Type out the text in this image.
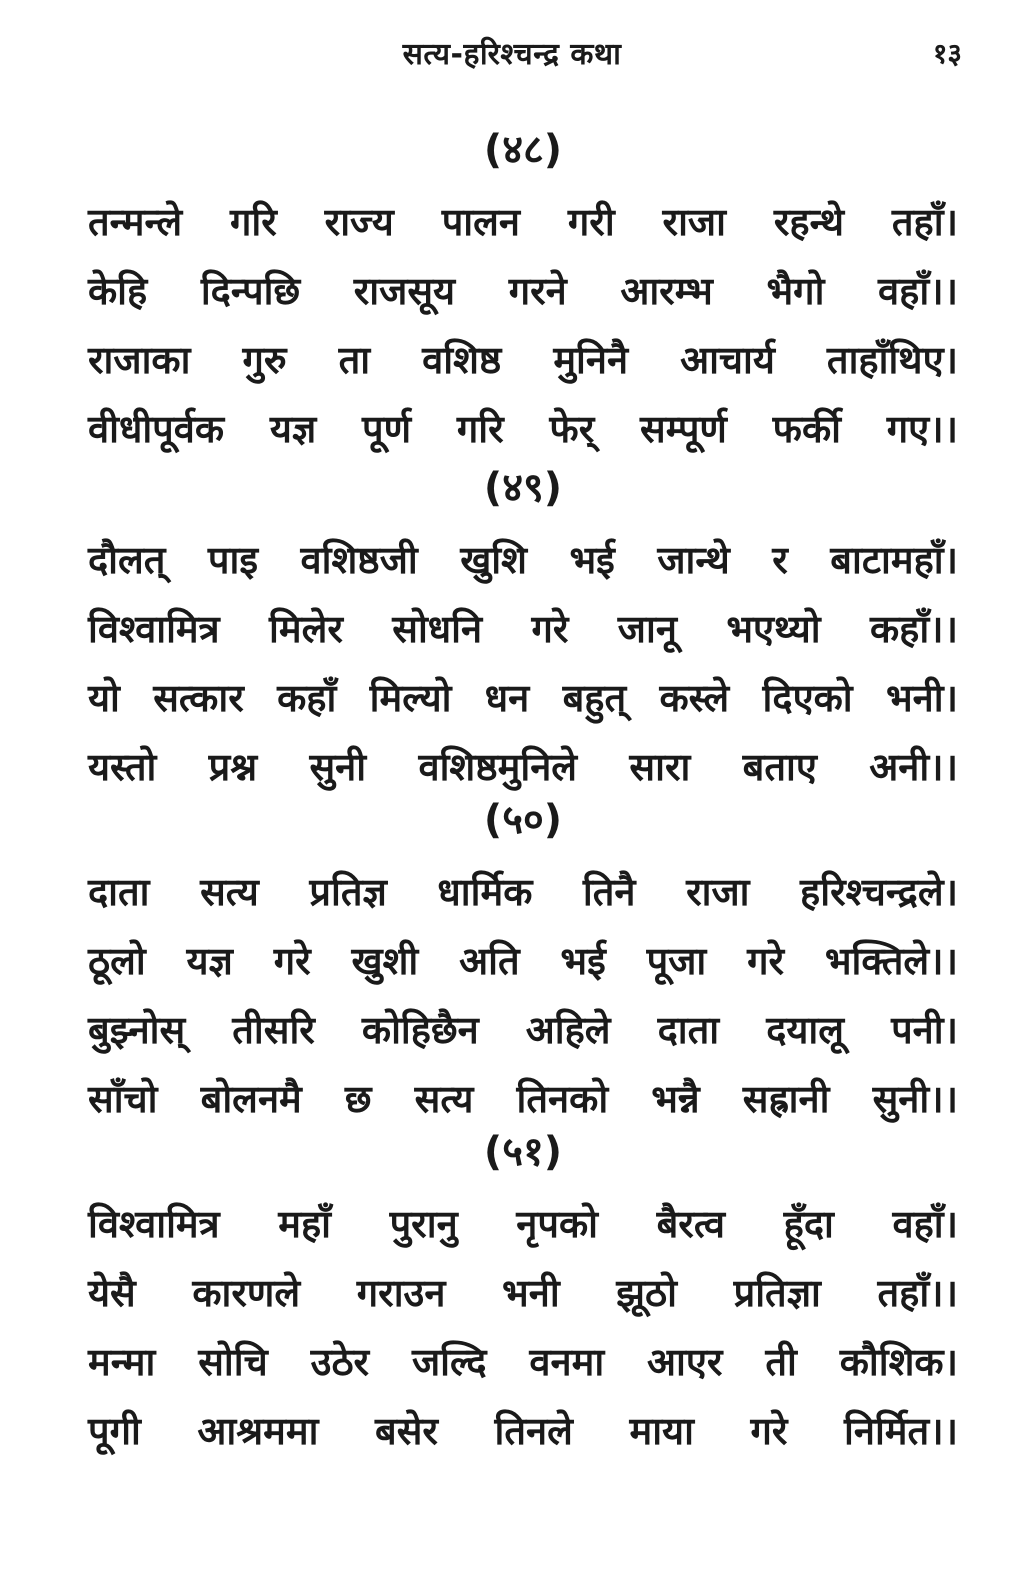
सत्य-हरिश्चन्द्र कथा	१३
(४८)
तन्मन्ले गरि राज्य पालन गरी राजा रहन्थे तहाँ।
केहि दिन्पछि राजसूय गरने आरम्भ भैगो वहाँ।।
राजाका गुरु ता वशिष्ठ मुनिनै आचार्य ताहाँथिए।
वीधीपूर्वक यज्ञ पूर्ण गरि फेर् सम्पूर्ण फर्की गए।।
(४९)
दौलत् पाइ वशिष्ठजी खुशि भई जान्थे र बाटामहाँ।
विश्वामित्र मिलेर सोधनि गरे जानू भएथ्यो कहाँ।।
यो सत्कार कहाँ मिल्यो धन बहुत् कस्ले दिएको भनी।
यस्तो प्रश्न सुनी वशिष्ठमुनिले सारा बताए अनी।।
(५०)
दाता सत्य प्रतिज्ञ धार्मिक तिनै राजा हरिश्चन्द्रले।
ठूलो यज्ञ गरे खुशी अति भई पूजा गरे भक्तिले।।
बुझ्नोस् तीसरि कोहिछैन अहिले दाता दयालू पनी।
साँचो बोलनमै छ सत्य तिनको भन्नै सह्रानी सुनी।।
(५१)
विश्वामित्र महाँ पुरानु नृपको बैरत्व हूँदा वहाँ।
येसै कारणले गराउन भनी झूठो प्रतिज्ञा तहाँ।।
मन्मा सोचि उठेर जल्दि वनमा आएर ती कौशिक।
पूगी आश्रममा बसेर तिनले माया गरे निर्मित।।
